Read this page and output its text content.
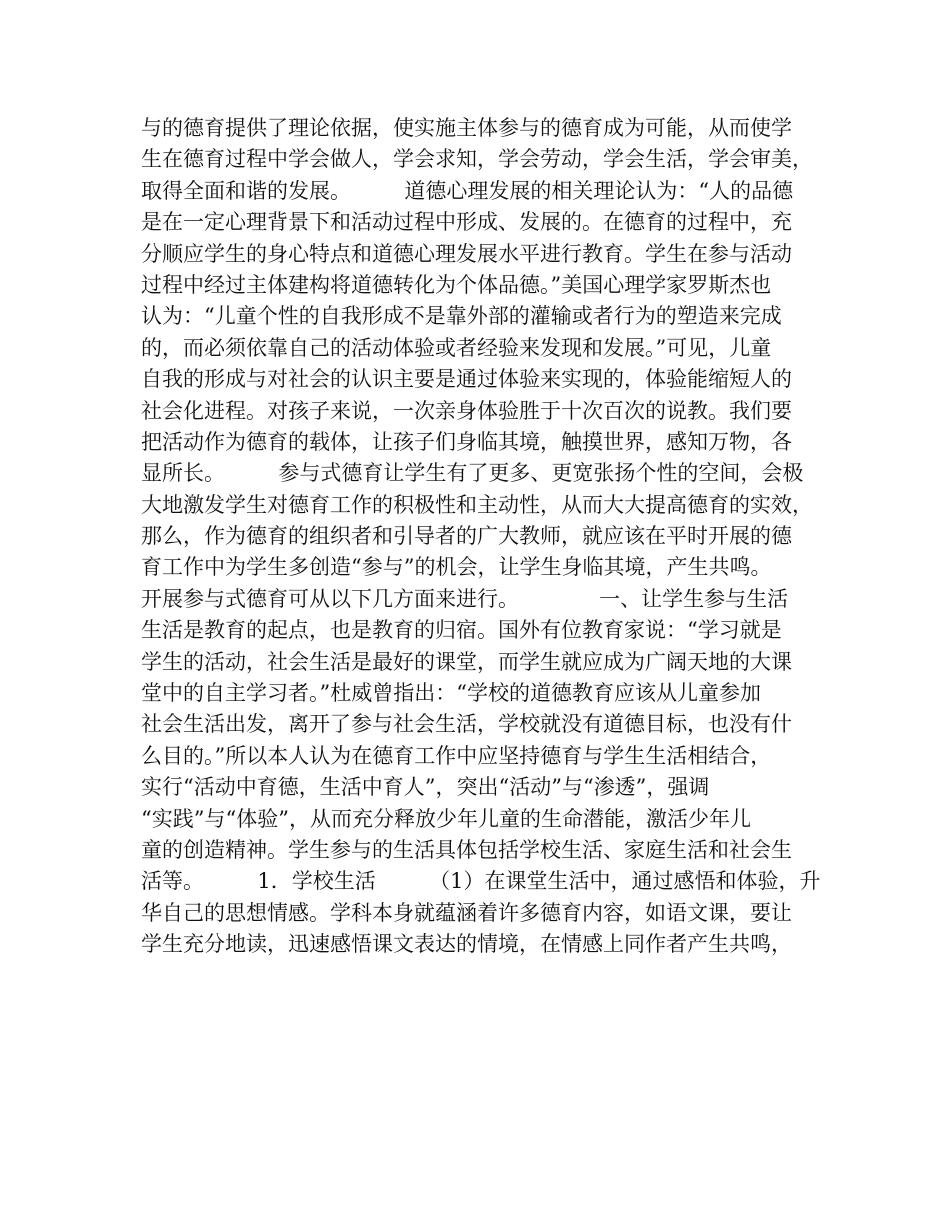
与的德育提供了理论依据，使实施主体参与的德育成为可能，从而使学
生在德育过程中学会做人，学会求知，学会劳动，学会生活，学会审美，
取得全面和谐的发展。        道德心理发展的相关理论认为：“人的品德
是在一定心理背景下和活动过程中形成、发展的。在德育的过程中，充
分顺应学生的身心特点和道德心理发展水平进行教育。学生在参与活动
过程中经过主体建构将道德转化为个体品德。”美国心理学家罗斯杰也
认为：“儿童个性的自我形成不是靠外部的灌输或者行为的塑造来完成
的，而必须依靠自己的活动体验或者经验来发现和发展。”可见，儿童
自我的形成与对社会的认识主要是通过体验来实现的，体验能缩短人的
社会化进程。对孩子来说，一次亲身体验胜于十次百次的说教。我们要
把活动作为德育的载体，让孩子们身临其境，触摸世界，感知万物，各
显所长。        参与式德育让学生有了更多、更宽张扬个性的空间，会极
大地激发学生对德育工作的积极性和主动性，从而大大提高德育的实效，
那么，作为德育的组织者和引导者的广大教师，就应该在平时开展的德
育工作中为学生多创造“参与”的机会，让学生身临其境，产生共鸣。
开展参与式德育可从以下几方面来进行。            一、让学生参与生活
生活是教育的起点，也是教育的归宿。国外有位教育家说：“学习就是
学生的活动，社会生活是最好的课堂，而学生就应成为广阔天地的大课
堂中的自主学习者。”杜威曾指出：“学校的道德教育应该从儿童参加
社会生活出发，离开了参与社会生活，学校就没有道德目标，也没有什
么目的。”所以本人认为在德育工作中应坚持德育与学生生活相结合，
实行“活动中育德，生活中育人”，突出“活动”与“渗透”，强调
“实践”与“体验”，从而充分释放少年儿童的生命潜能，激活少年儿
童的创造精神。学生参与的生活具体包括学校生活、家庭生活和社会生
活等。        1．学校生活        （1）在课堂生活中，通过感悟和体验，升
华自己的思想情感。学科本身就蕴涵着许多德育内容，如语文课，要让
学生充分地读，迅速感悟课文表达的情境，在情感上同作者产生共鸣，
